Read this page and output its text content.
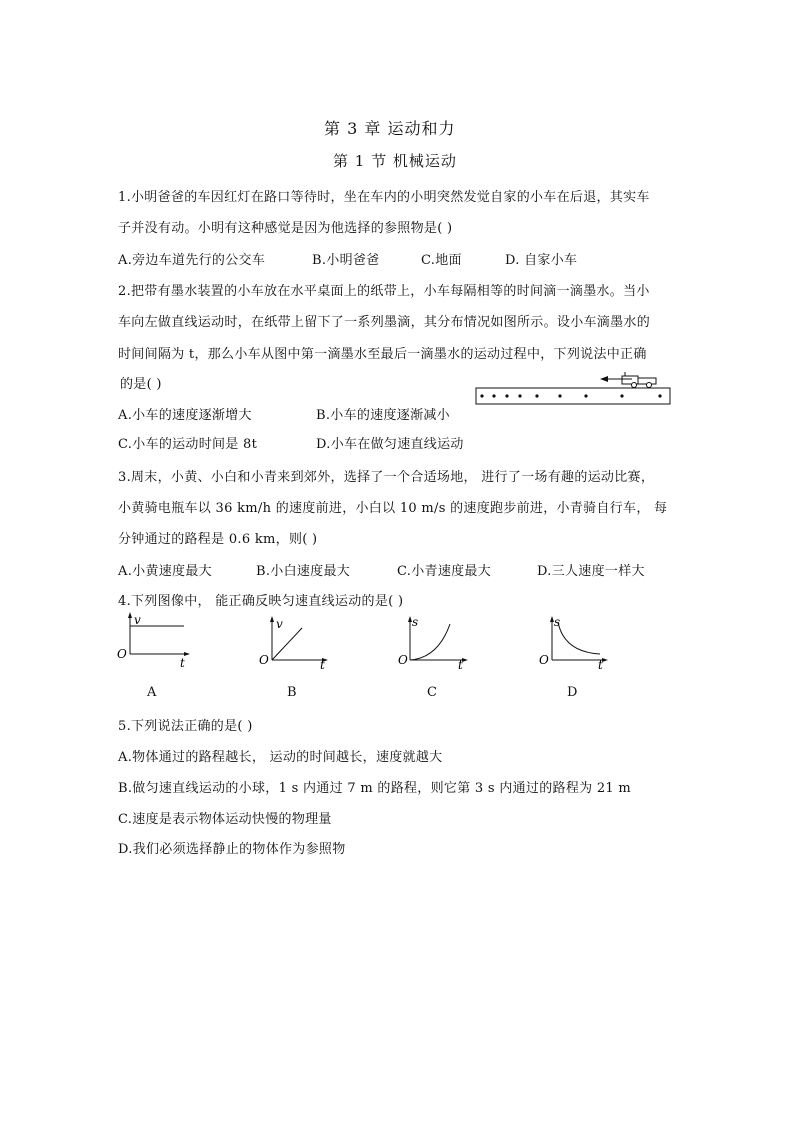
第 3 章 运动和力
第 1 节 机械运动
1.小明爸爸的车因红灯在路口等待时，坐在车内的小明突然发觉自家的小车在后退，其实车
子并没有动。小明有这种感觉是因为他选择的参照物是( )
A.旁边车道先行的公交车	B.小明爸爸	C.地面	D. 自家小车
2.把带有墨水装置的小车放在水平桌面上的纸带上，小车每隔相等的时间滴一滴墨水。当小
车向左做直线运动时，在纸带上留下了一系列墨滴，其分布情况如图所示。设小车滴墨水的
时间间隔为 t，那么小车从图中第一滴墨水至最后一滴墨水的运动过程中，下列说法中正确
的是( )
A.小车的速度逐渐增大	B.小车的速度逐渐减小
C.小车的运动时间是 8t	D.小车在做匀速直线运动
3.周末，小黄、小白和小青来到郊外，选择了一个合适场地， 进行了一场有趣的运动比赛，
小黄骑电瓶车以 36 km/h 的速度前进，小白以 10 m/s 的速度跑步前进，小青骑自行车， 每
分钟通过的路程是 0.6 km，则( )
A.小黄速度最大	B.小白速度最大	C.小青速度最大	D.三人速度一样大
4.下列图像中， 能正确反映匀速直线运动的是( )
v
t
O
v
t
O
s
t
O
s
t
O
A	B	C	D
5.下列说法正确的是( )
A.物体通过的路程越长， 运动的时间越长，速度就越大
B.做匀速直线运动的小球，1 s 内通过 7 m 的路程，则它第 3 s 内通过的路程为 21 m
C.速度是表示物体运动快慢的物理量
D.我们必须选择静止的物体作为参照物
